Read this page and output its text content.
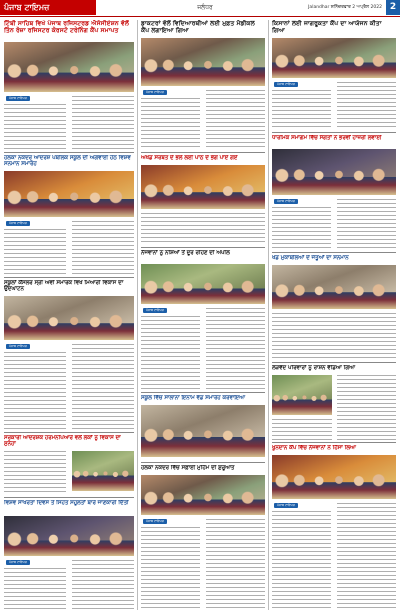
ਪੰਜਾਬ ਟਾਇਮਜ਼	ਜਲੰਧਰ	Jalandhar ਸ਼ਨਿੱਚਰਵਾਰ 2 ਅਪ੍ਰੈਲ 2022 2
ਟਿੱਬੀ ਸਾਹਿਬ ਵਿਖੇ ਪੰਜਾਬ ਰਜਿਸਟਰਡ ਐਸੋਸੀਏਸ਼ਨ ਵੱਲੋਂ ਤਿੰਨ ਰੋਜ਼ਾ ਰਜਿਸਟਰ ਕੋਰਸਟੋ ਟਰੇਨਿੰਗ ਕੈਂਪ ਸਮਾਪਤ
ਪੰਜਾਬ ਟਾਇਮਜ਼
ਹਲਕਾ ਨਕੋਦਰ ਆਦਰਸ਼ ਪਬਲਿਕ ਸਕੂਲ ਦੀ ਅਗਵਾਈ ਹੇਠ ਵਿਸ਼ਵ ਸਨਮਾਨ ਸਮਾਰੋਹ
ਪੰਜਾਬ ਟਾਇਮਜ਼
ਸਕੂਲਾਂ ਕੌਂਸਲਰ ਸ੍ਰੀ ਅਵੀ ਸਮਾਰਕ ਵਿਖੇ ਮਿਆਰੀ ਵਿਕਾਸ ਦਾ ਉਦਘਾਟਨ
ਪੰਜਾਬ ਟਾਇਮਜ਼
ਸਰਕਾਰੀ ਆਦਰਸ਼ਕ ਹਰਮਨਪਿਆਰੇ ਵਲੋਂ ਲੋਕਾਂ ਨੂੰ ਵਿਕਾਸ ਦਾ ਸੁਨੇਹਾ
ਵਿਸ਼ਵ ਸਾਖਰਤਾ ਦਿਵਸ ਤੇ ਸਿਹਤ ਸਹੂਲਤਾਂ ਬਾਰੇ ਜਾਣਕਾਰੀ ਦਿੱਤੀ
ਪੰਜਾਬ ਟਾਇਮਜ਼
ਡਾਕਟਰਾਂ ਵੱਲੋਂ ਵਿਦਿਆਰਥੀਆਂ ਲਈ ਮੁਫ਼ਤ ਮੈਡੀਕਲ ਕੈਂਪ ਲਗਾਇਆ ਗਿਆ
ਪੰਜਾਬ ਟਾਇਮਜ਼
ਅਖੰਡ ਸਰਬਤ ਦੇ ਭਲੇ ਲਈ ਪਾਠ ਦੇ ਭੋਗ ਪਾਏ ਗਏ
ਨੌਜਵਾਨਾਂ ਨੂੰ ਨਸ਼ਿਆਂ ਤੋਂ ਦੂਰ ਰਹਿਣ ਦੀ ਅਪੀਲ
ਪੰਜਾਬ ਟਾਇਮਜ਼
ਸਕੂਲ ਵਿੱਚ ਸਾਲਾਨਾ ਇਨਾਮ ਵੰਡ ਸਮਾਰੋਹ ਕਰਵਾਇਆ
ਹਲਕਾ ਨਕੋਦਰ ਵਿੱਚ ਸਫ਼ਾਈ ਮੁਹਿੰਮ ਦੀ ਸ਼ੁਰੂਆਤ
ਪੰਜਾਬ ਟਾਇਮਜ਼
ਕਿਸਾਨਾਂ ਲਈ ਜਾਗਰੂਕਤਾ ਕੈਂਪ ਦਾ ਆਯੋਜਨ ਕੀਤਾ ਗਿਆ
ਪੰਜਾਬ ਟਾਇਮਜ਼
ਧਾਰਮਿਕ ਸਮਾਗਮ ਵਿੱਚ ਸੰਗਤਾਂ ਨੇ ਭਰਵੀਂ ਹਾਜ਼ਰੀ ਲਵਾਈ
ਪੰਜਾਬ ਟਾਇਮਜ਼
ਖੇਡ ਮੁਕਾਬਲਿਆਂ ਦੇ ਜੇਤੂਆਂ ਦਾ ਸਨਮਾਨ
ਲੋੜਵੰਦ ਪਰਿਵਾਰਾਂ ਨੂੰ ਰਾਸ਼ਨ ਵੰਡਿਆ ਗਿਆ
ਖੂਨਦਾਨ ਕੈਂਪ ਵਿੱਚ ਨੌਜਵਾਨਾਂ ਨੇ ਹਿੱਸਾ ਲਿਆ
ਪੰਜਾਬ ਟਾਇਮਜ਼
